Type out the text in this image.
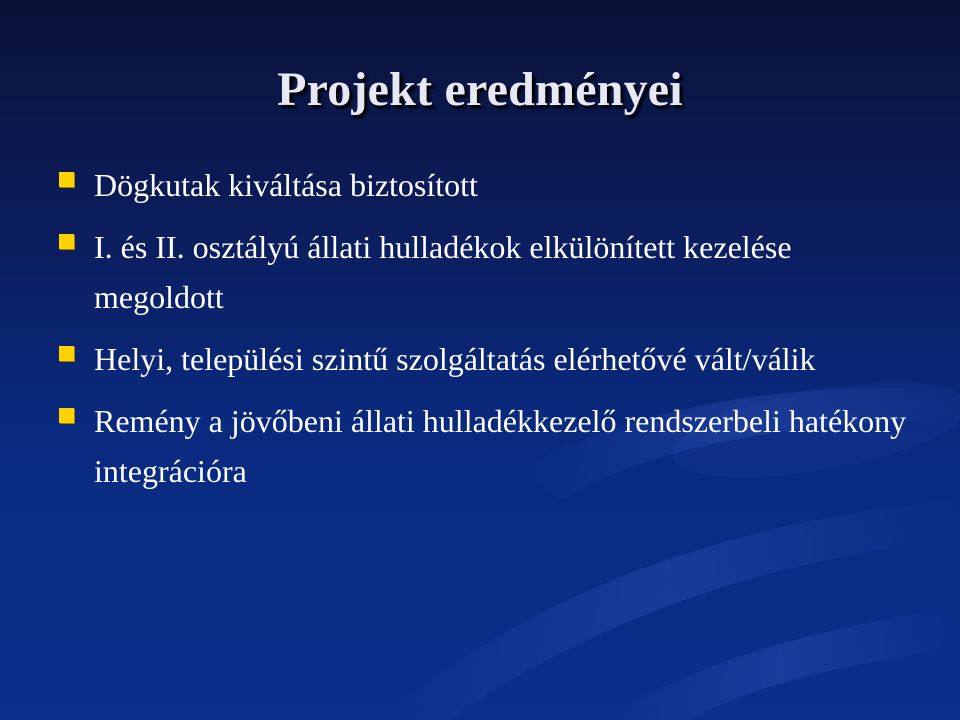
Projekt eredményei
Dögkutak kiváltása biztosított
I. és II. osztályú állati hulladékok elkülönített kezelése megoldott
Helyi, települési szintű szolgáltatás elérhetővé vált/válik
Remény a jövőbeni állati hulladékkezelő rendszerbeli hatékony integrációra
